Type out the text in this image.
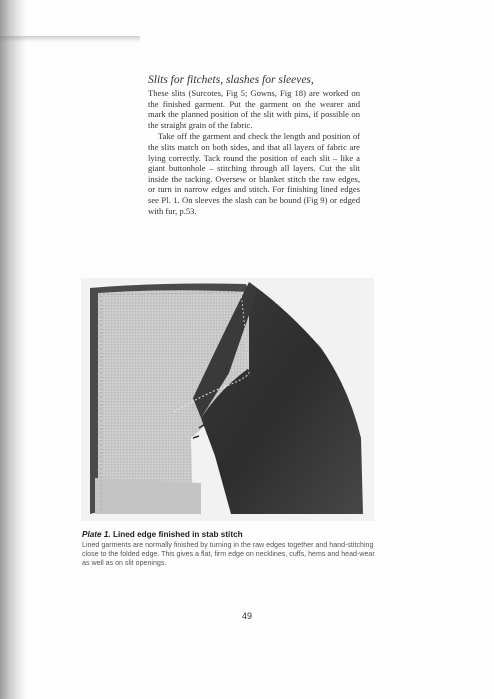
Slits for fitchets, slashes for sleeves,

These slits (Surcotes, Fig 5; Gowns, Fig 18) are worked on the finished garment. Put the garment on the wearer and mark the planned position of the slit with pins, if possible on the straight grain of the fabric.

Take off the garment and check the length and position of the slits match on both sides, and that all layers of fabric are lying correctly. Tack round the position of each slit – like a giant buttonhole – stitching through all layers. Cut the slit inside the tacking. Oversew or blanket stitch the raw edges, or turn in narrow edges and stitch. For finishing lined edges see Pl. 1. On sleeves the slash can be bound (Fig 9) or edged with fur, p.53.

Plate 1. Lined edge finished in stab stitch

Lined garments are normally finished by turning in the raw edges together and hand-stitching close to the folded edge. This gives a flat, firm edge on necklines, cuffs, hems and head-wear as well as on slit openings.

49
